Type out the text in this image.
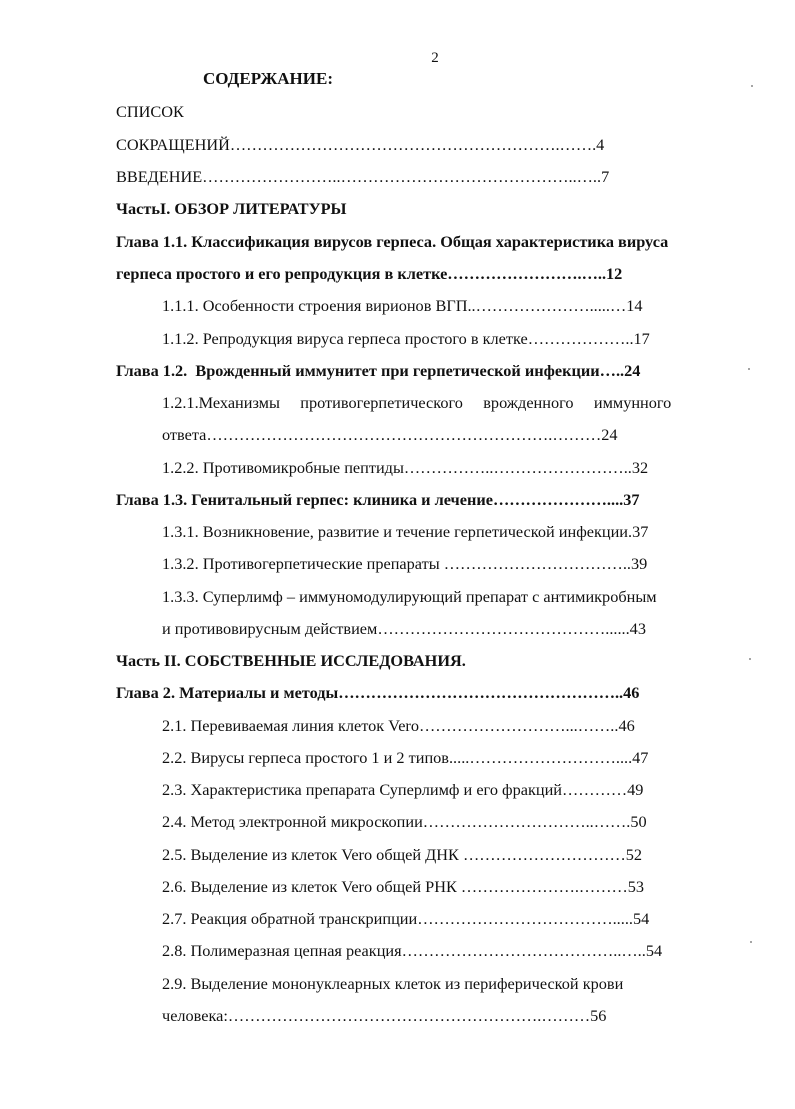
2
СОДЕРЖАНИЕ:
СПИСОК
СОКРАЩЕНИЙ…………………………………………………….…….4
ВВЕДЕНИЕ……………………..……………………………………..…..7
ЧастьI. ОБЗОР ЛИТЕРАТУРЫ
Глава 1.1. Классификация вирусов герпеса. Общая характеристика вируса
герпеса простого и его репродукция в клетке…………………….…..12
1.1.1. Особенности строения вирионов ВГП..………………….....…14
1.1.2. Репродукция вируса герпеса простого в клетке………………..17
Глава 1.2.  Врожденный иммунитет при герпетической инфекции…..24
1.2.1.Механизмы     противогерпетического     врожденного     иммунного
ответа……………………………………………………….………24
1.2.2. Противомикробные пептиды……………..……………………..32
Глава 1.3. Генитальный герпес: клиника и лечение…………………....37
1.3.1. Возникновение, развитие и течение герпетической инфекции.37
1.3.2. Противогерпетические препараты ……………………………..39
1.3.3. Суперлимф – иммуномодулирующий препарат с антимикробным
и противовирусным действием……………………………………......43
Часть II. СОБСТВЕННЫЕ ИССЛЕДОВАНИЯ.
Глава 2. Материалы и методы……………………………………………..46
2.1. Перевиваемая линия клеток Vero………………………...……..46
2.2. Вирусы герпеса простого 1 и 2 типов.....………………………....47
2.3. Характеристика препарата Суперлимф и его фракций…………49
2.4. Метод электронной микроскопии…………………………..…….50
2.5. Выделение из клеток Vero общей ДНК …………………………52
2.6. Выделение из клеток Vero общей РНК ………………….………53
2.7. Реакция обратной транскрипции……………………………….....54
2.8. Полимеразная цепная реакция…………………………………..…..54
2.9. Выделение мононуклеарных клеток из периферической крови
человека:………………………………………………….………56
